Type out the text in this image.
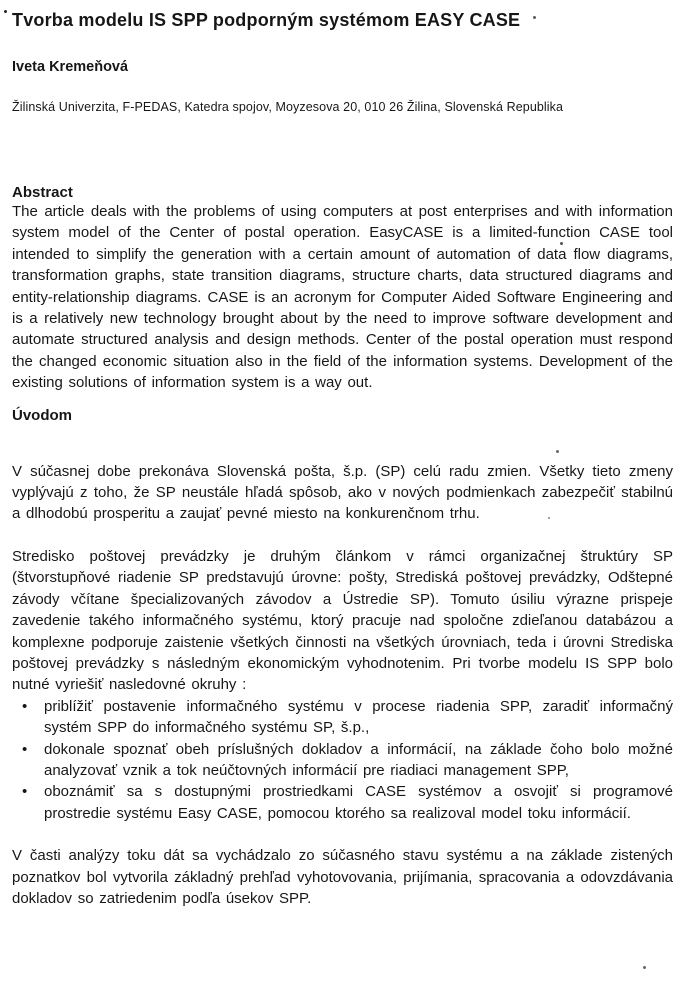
Tvorba modelu IS SPP podporným systémom EASY CASE
Iveta Kremeňová
Žilinská Univerzita, F-PEDAS, Katedra spojov, Moyzesova 20, 010 26 Žilina, Slovenská Republika
Abstract

The article deals with the problems of using computers at post enterprises and with information system model of the Center of postal operation. EasyCASE is a limited-function CASE tool intended to simplify the generation with a certain amount of automation of data flow diagrams, transformation graphs, state transition diagrams, structure charts, data structured diagrams and entity-relationship diagrams. CASE is an acronym for Computer Aided Software Engineering and is a relatively new technology brought about by the need to improve software development and automate structured analysis and design methods. Center of the postal operation must respond the changed economic situation also in the field of the information systems. Development of the existing solutions of information system is a way out.

Úvodom

V súčasnej dobe prekonáva Slovenská pošta, š.p. (SP) celú radu zmien. Všetky tieto zmeny vyplývajú z toho, že SP neustále hľadá spôsob, ako v nových podmienkach zabezpečiť stabilnú a dlhodobú prosperitu a zaujať pevné miesto na konkurenčnom trhu.

Stredisko poštovej prevádzky je druhým článkom v rámci organizačnej štruktúry SP (štvorstupňové riadenie SP predstavujú úrovne: pošty, Strediská poštovej prevádzky, Odštepné závody včítane špecializovaných závodov a Ústredie SP). Tomuto úsiliu výrazne prispeje zavedenie takého informačného systému, ktorý pracuje nad spoločne zdieľanou databázou a komplexne podporuje zaistenie všetkých činnosti na všetkých úrovniach, teda i úrovni Strediska poštovej prevádzky s následným ekonomickým vyhodnotenim. Pri tvorbe modelu IS SPP bolo nutné vyriešiť nasledovné okruhy :

•	priblížiť postavenie informačného systému v procese riadenia SPP, zaradiť informačný systém SPP do informačného systému SP, š.p.,
•	dokonale spoznať obeh príslušných dokladov a informácií, na základe čoho bolo možné analyzovať vznik a tok neúčtovných informácií pre riadiaci management SPP,
•	oboznámiť sa s dostupnými prostriedkami CASE systémov a osvojiť si programové prostredie systému Easy CASE, pomocou ktorého sa realizoval model toku informácií.

V časti analýzy toku dát sa vychádzalo zo súčasného stavu systému a na základe zistených poznatkov bol vytvorila základný prehľad vyhotovovania, prijímania, spracovania a odovzdávania dokladov so zatriedenim podľa úsekov SPP.
